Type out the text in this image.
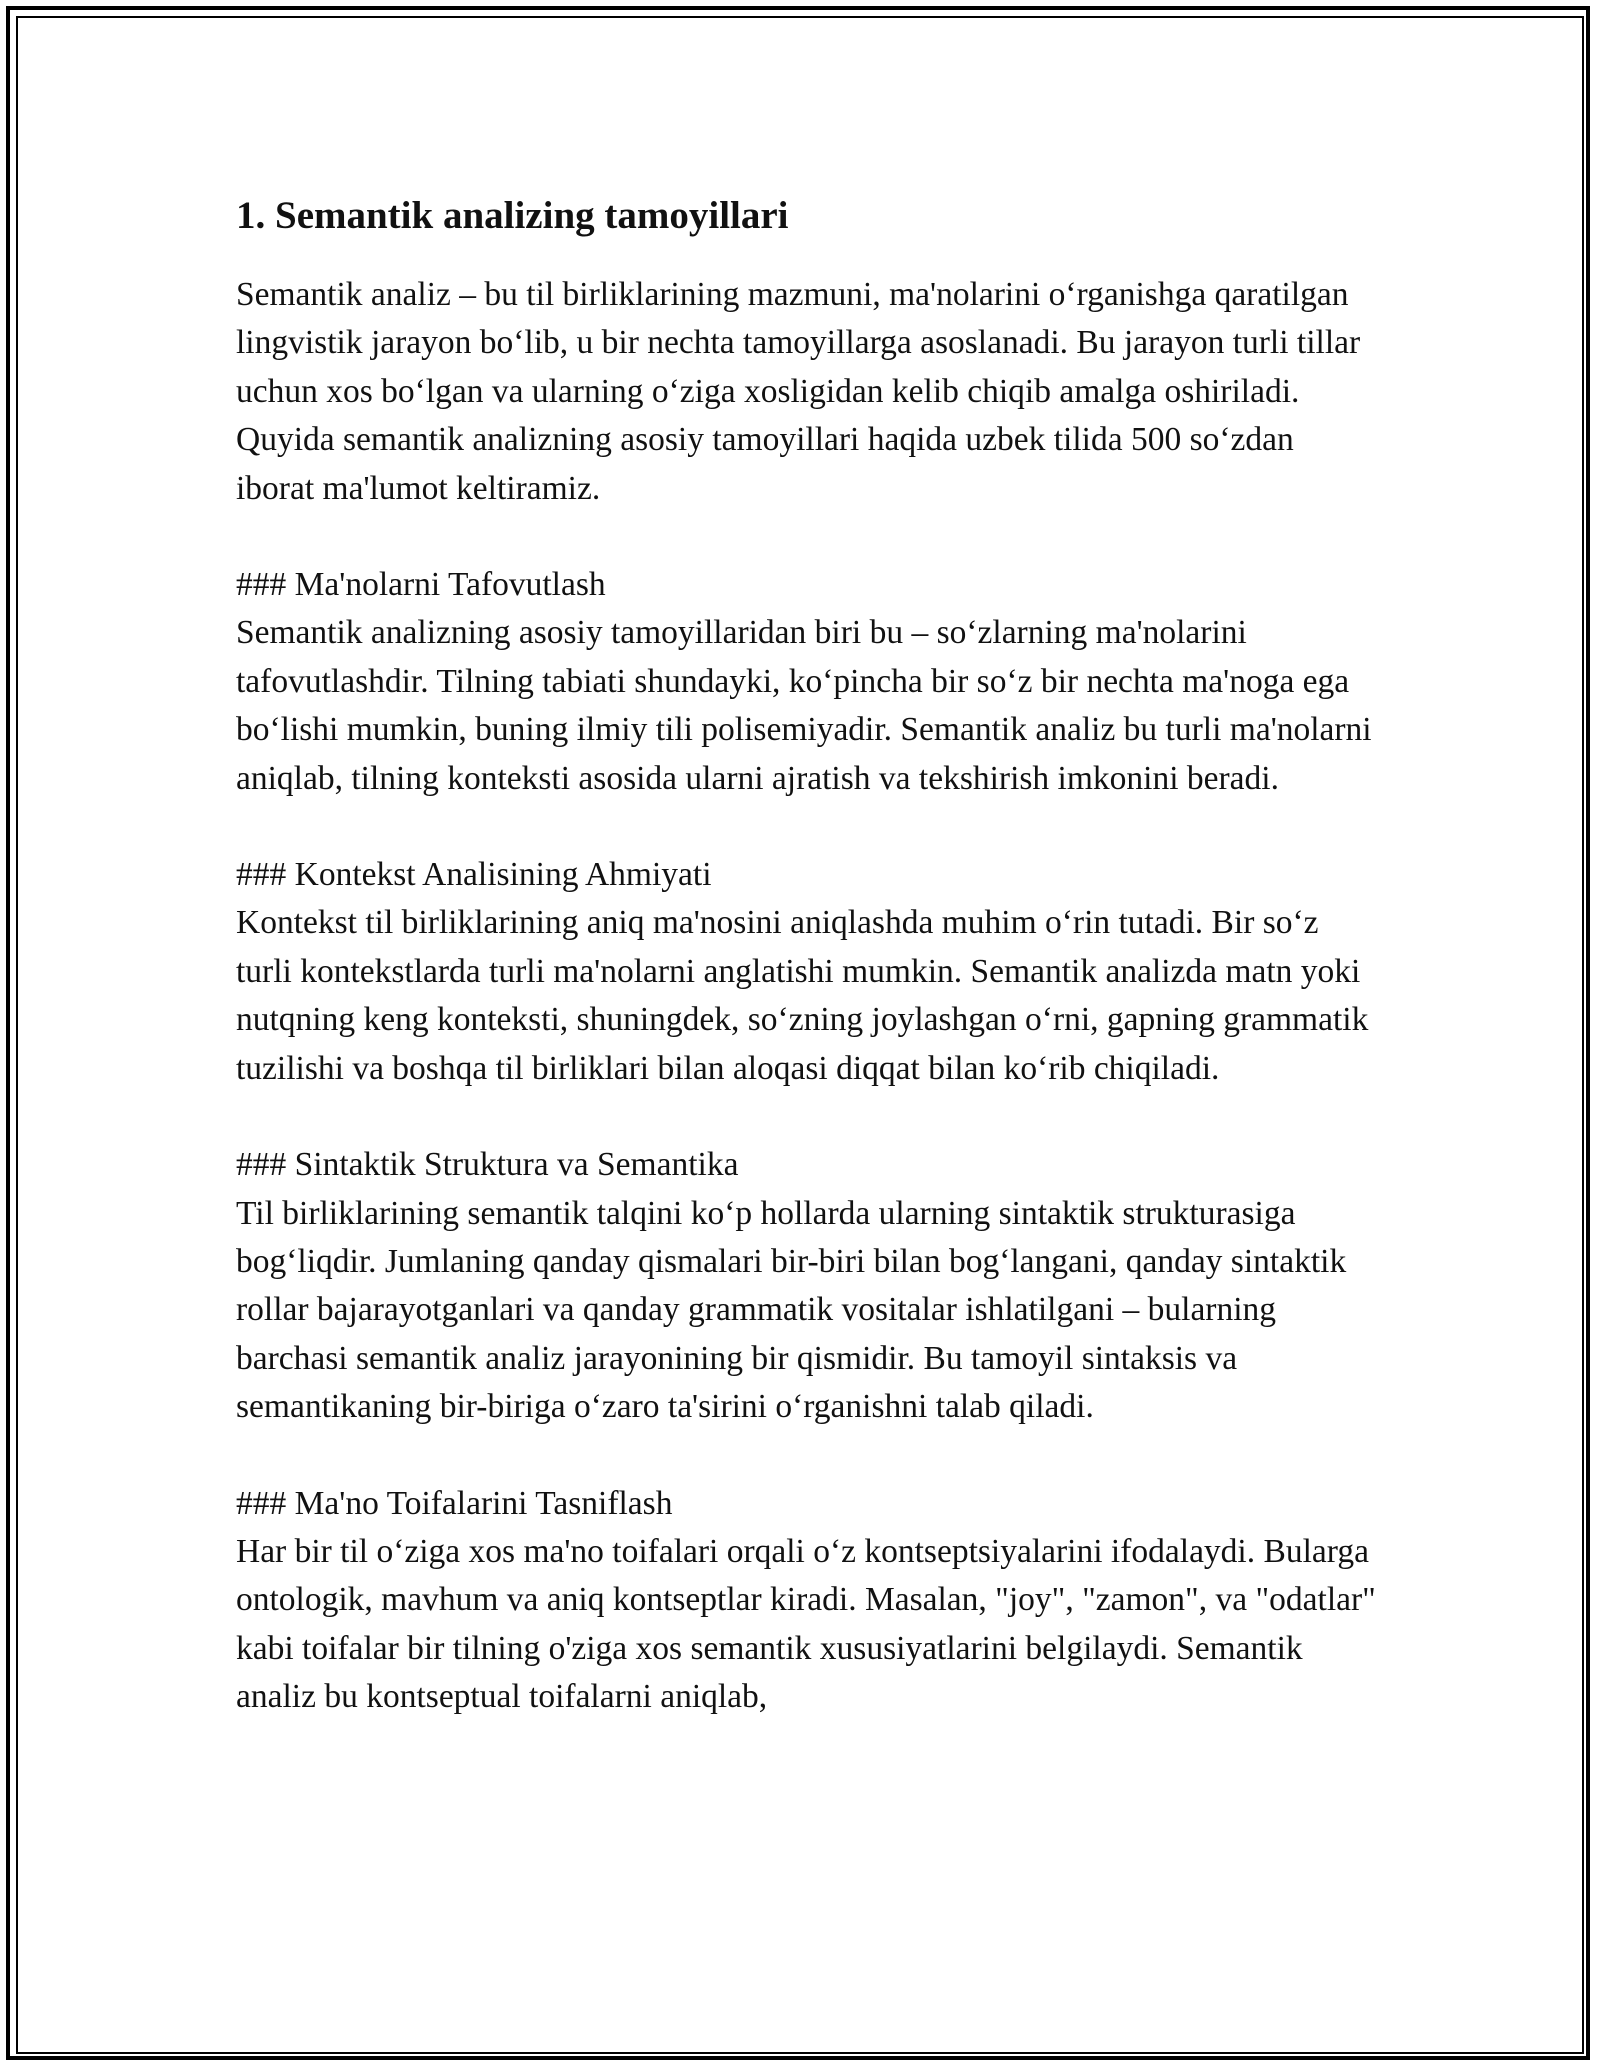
1. Semantik analizing tamoyillari

Semantik analiz – bu til birliklarining mazmuni, ma'nolarini oʻrganishga qaratilgan lingvistik jarayon boʻlib, u bir nechta tamoyillarga asoslanadi. Bu jarayon turli tillar uchun xos boʻlgan va ularning oʻziga xosligidan kelib chiqib amalga oshiriladi. Quyida semantik analizning asosiy tamoyillari haqida uzbek tilida 500 soʻzdan iborat ma'lumot keltiramiz.

### Ma'nolarni Tafovutlash
Semantik analizning asosiy tamoyillaridan biri bu – soʻzlarning ma'nolarini tafovutlashdir. Tilning tabiati shundayki, koʻpincha bir soʻz bir nechta ma'noga ega boʻlishi mumkin, buning ilmiy tili polisemiyadir. Semantik analiz bu turli ma'nolarni aniqlab, tilning konteksti asosida ularni ajratish va tekshirish imkonini beradi.
### Kontekst Analisining Ahmiyati
Kontekst til birliklarining aniq ma'nosini aniqlashda muhim oʻrin tutadi. Bir soʻz turli kontekstlarda turli ma'nolarni anglatishi mumkin. Semantik analizda matn yoki nutqning keng konteksti, shuningdek, soʻzning joylashgan oʻrni, gapning grammatik tuzilishi va boshqa til birliklari bilan aloqasi diqqat bilan koʻrib chiqiladi.
### Sintaktik Struktura va Semantika
Til birliklarining semantik talqini koʻp hollarda ularning sintaktik strukturasiga bogʻliqdir. Jumlaning qanday qismalari bir-biri bilan bogʻlangani, qanday sintaktik rollar bajarayotganlari va qanday grammatik vositalar ishlatilgani – bularning barchasi semantik analiz jarayonining bir qismidir. Bu tamoyil sintaksis va semantikaning bir-biriga oʻzaro ta'sirini oʻrganishni talab qiladi.
### Ma'no Toifalarini Tasniflash
Har bir til oʻziga xos ma'no toifalari orqali oʻz kontseptsiyalarini ifodalaydi. Bularga ontologik, mavhum va aniq kontseptlar kiradi. Masalan, "joy", "zamon", va "odatlar" kabi toifalar bir tilning o'ziga xos semantik xususiyatlarini belgilaydi. Semantik analiz bu kontseptual toifalarni aniqlab,
